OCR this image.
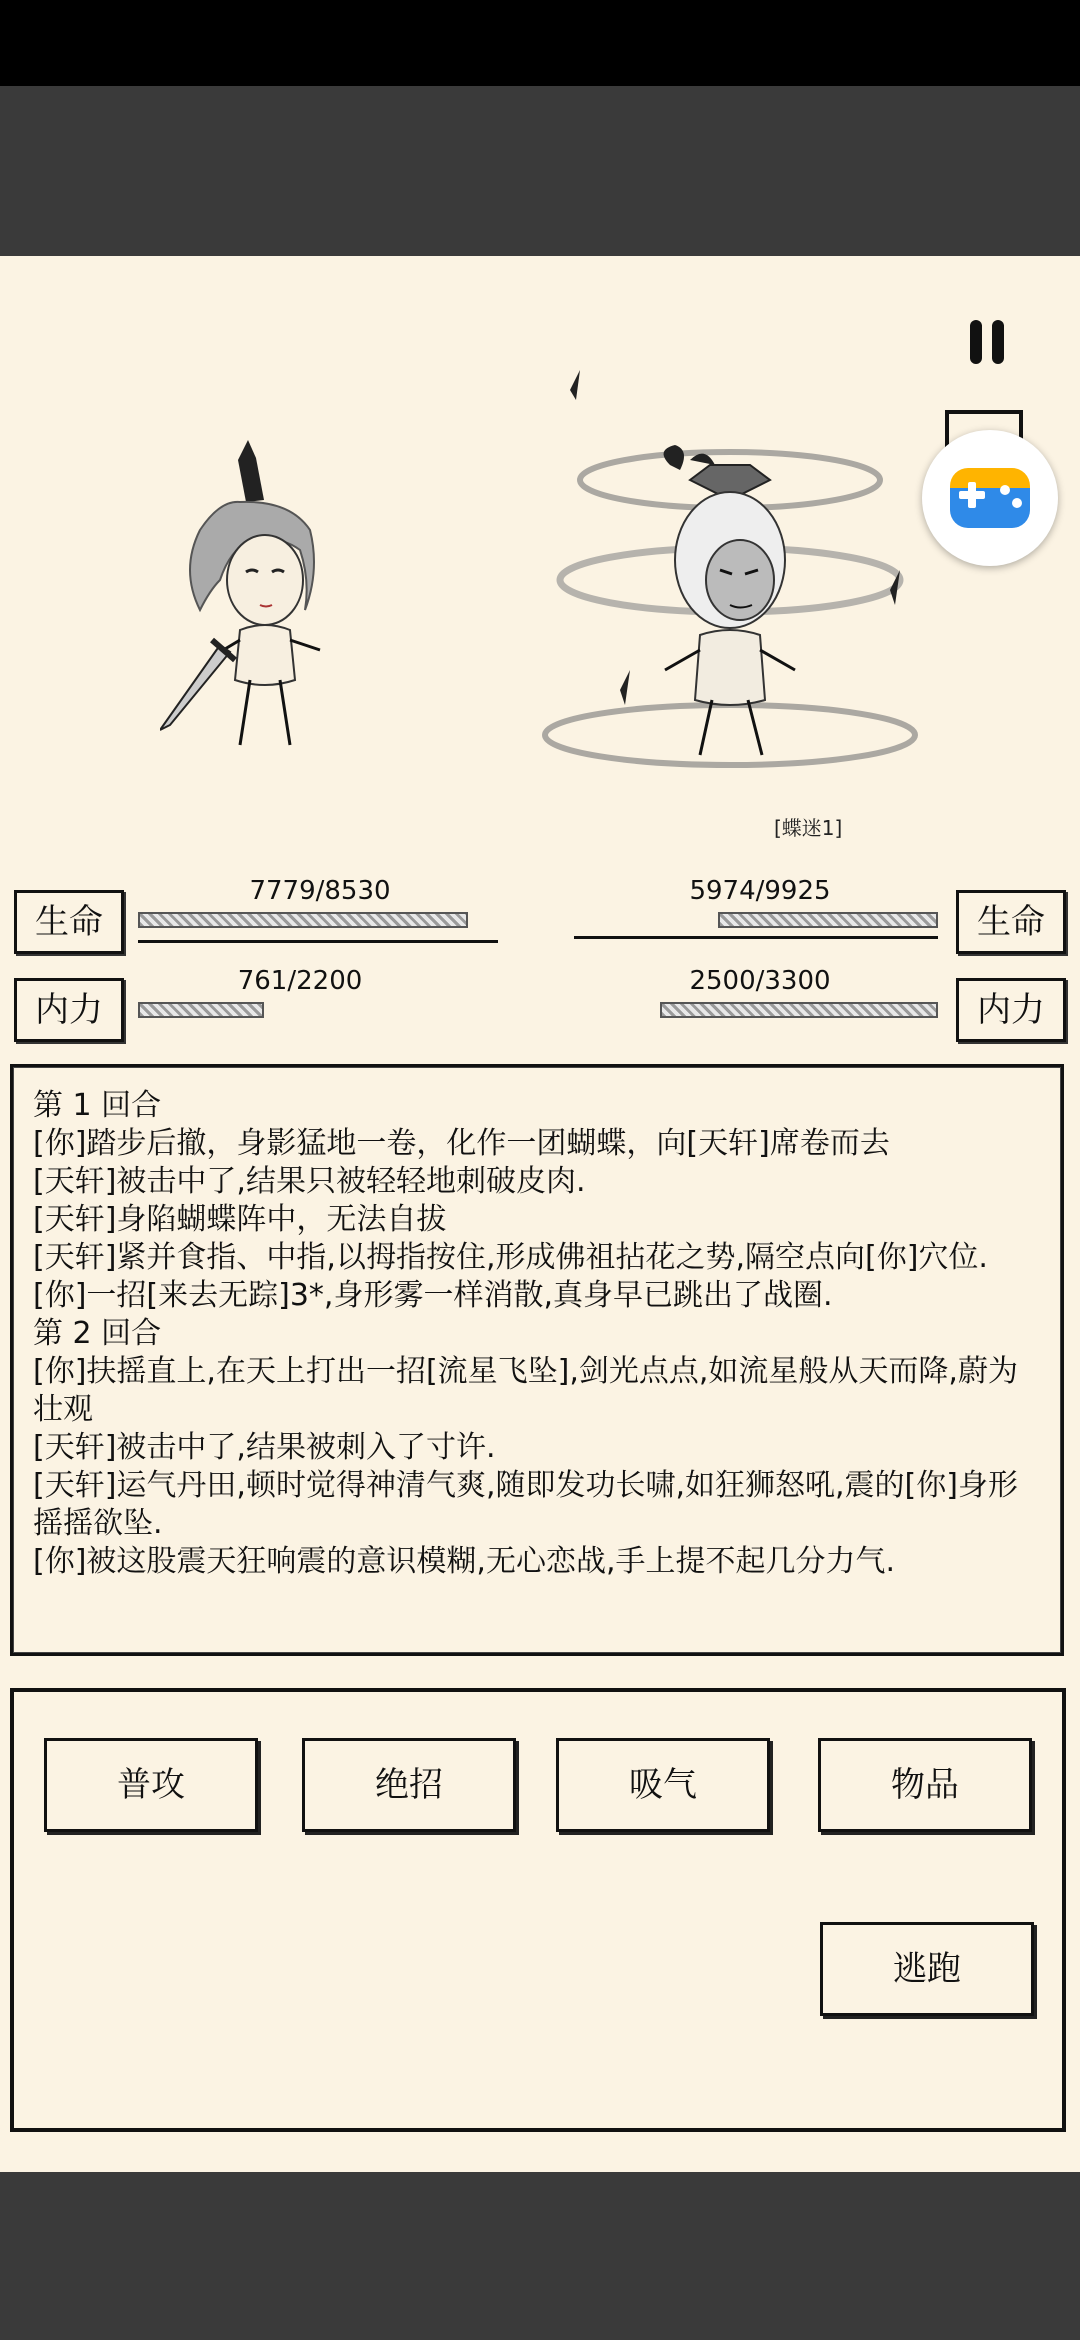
[蝶迷1]
生命
7779/8530
内力
761/2200
生命
5974/9925
内力
2500/3300
第 1 回合
[你]踏步后撤，身影猛地一卷，化作一团蝴蝶，向[天轩]席卷而去
[天轩]被击中了,结果只被轻轻地刺破皮肉.
[天轩]身陷蝴蝶阵中，无法自拔
[天轩]紧并食指、中指,以拇指按住,形成佛祖拈花之势,隔空点向[你]穴位.
[你]一招[来去无踪]3*,身形雾一样消散,真身早已跳出了战圈.
第 2 回合
[你]扶摇直上,在天上打出一招[流星飞坠],剑光点点,如流星般从天而降,蔚为壮观
[天轩]被击中了,结果被刺入了寸许.
[天轩]运气丹田,顿时觉得神清气爽,随即发功长啸,如狂狮怒吼,震的[你]身形摇摇欲坠.
[你]被这股震天狂响震的意识模糊,无心恋战,手上提不起几分力气.
普攻	绝招	吸气	物品
逃跑
